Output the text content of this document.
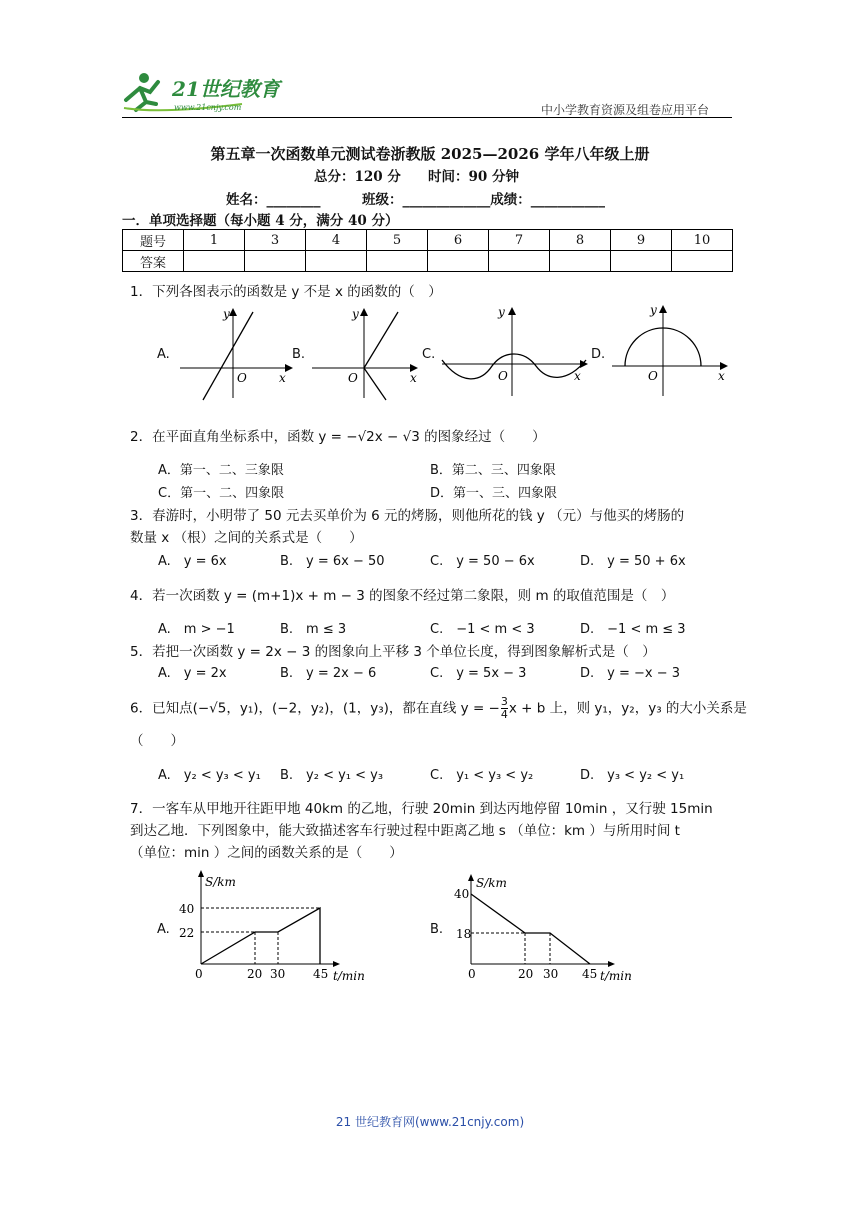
21世纪教育
www.21cnjy.com	中小学教育资源及组卷应用平台
第五章一次函数单元测试卷浙教版 2025—2026 学年八年级上册
总分：120 分 时间：90 分钟
姓名：________	班级：_____________成绩：___________
一．单项选择题（每小题 4 分，满分 40 分）
题号	1	3	4	5	6	7	8	9	10
答案									
1．下列各图表示的函数是 y 不是 x 的函数的（　）
A.	B.	C.	D.
y
x
O
y
x
O
y
x
O
y
x
O
2．在平面直角坐标系中，函数 y = −√2x − √3 的图象经过（　　）
A．第一、二、三象限	B．第二、三、四象限
C．第一、二、四象限	D．第一、三、四象限
3．春游时，小明带了 50 元去买单价为 6 元的烤肠，则他所花的钱 y （元）与他买的烤肠的
数量 x （根）之间的关系式是（　　）
A.　y = 6x	B.　y = 6x − 50	C.　y = 50 − 6x	D.　y = 50 + 6x
4．若一次函数 y = (m+1)x + m − 3 的图象不经过第二象限，则 m 的取值范围是（　）
A.　m > −1	B.　m ≤ 3	C.　−1 < m < 3	D.　−1 < m ≤ 3
5．若把一次函数 y = 2x − 3 的图象向上平移 3 个单位长度，得到图象解析式是（　）
A.　y = 2x	B.　y = 2x − 6	C.　y = 5x − 3	D.　y = −x − 3
6．已知点(−√5，y₁)，(−2，y₂)，(1，y₃)，都在直线 y = − $\frac{3}{4}$ x + b 上，则 y₁，y₂，y₃ 的大小关系是
（　　）
A.　y₂ < y₃ < y₁ B.　y₂ < y₁ < y₃	C.　y₁ < y₃ < y₂	D.　y₃ < y₂ < y₁
7．一客车从甲地开往距甲地 40km 的乙地，行驶 20min 到达丙地停留 10min ，又行驶 15min
到达乙地．下列图象中，能大致描述客车行驶过程中距离乙地 s （单位：km ）与所用时间 t
（单位：min ）之间的函数关系的是（　　）
A.	B.
S/km
40
22
0	20 30 45 t/min
S/km
40
18
0	20 30 45 t/min
21 世纪教育网(www.21cnjy.com)
